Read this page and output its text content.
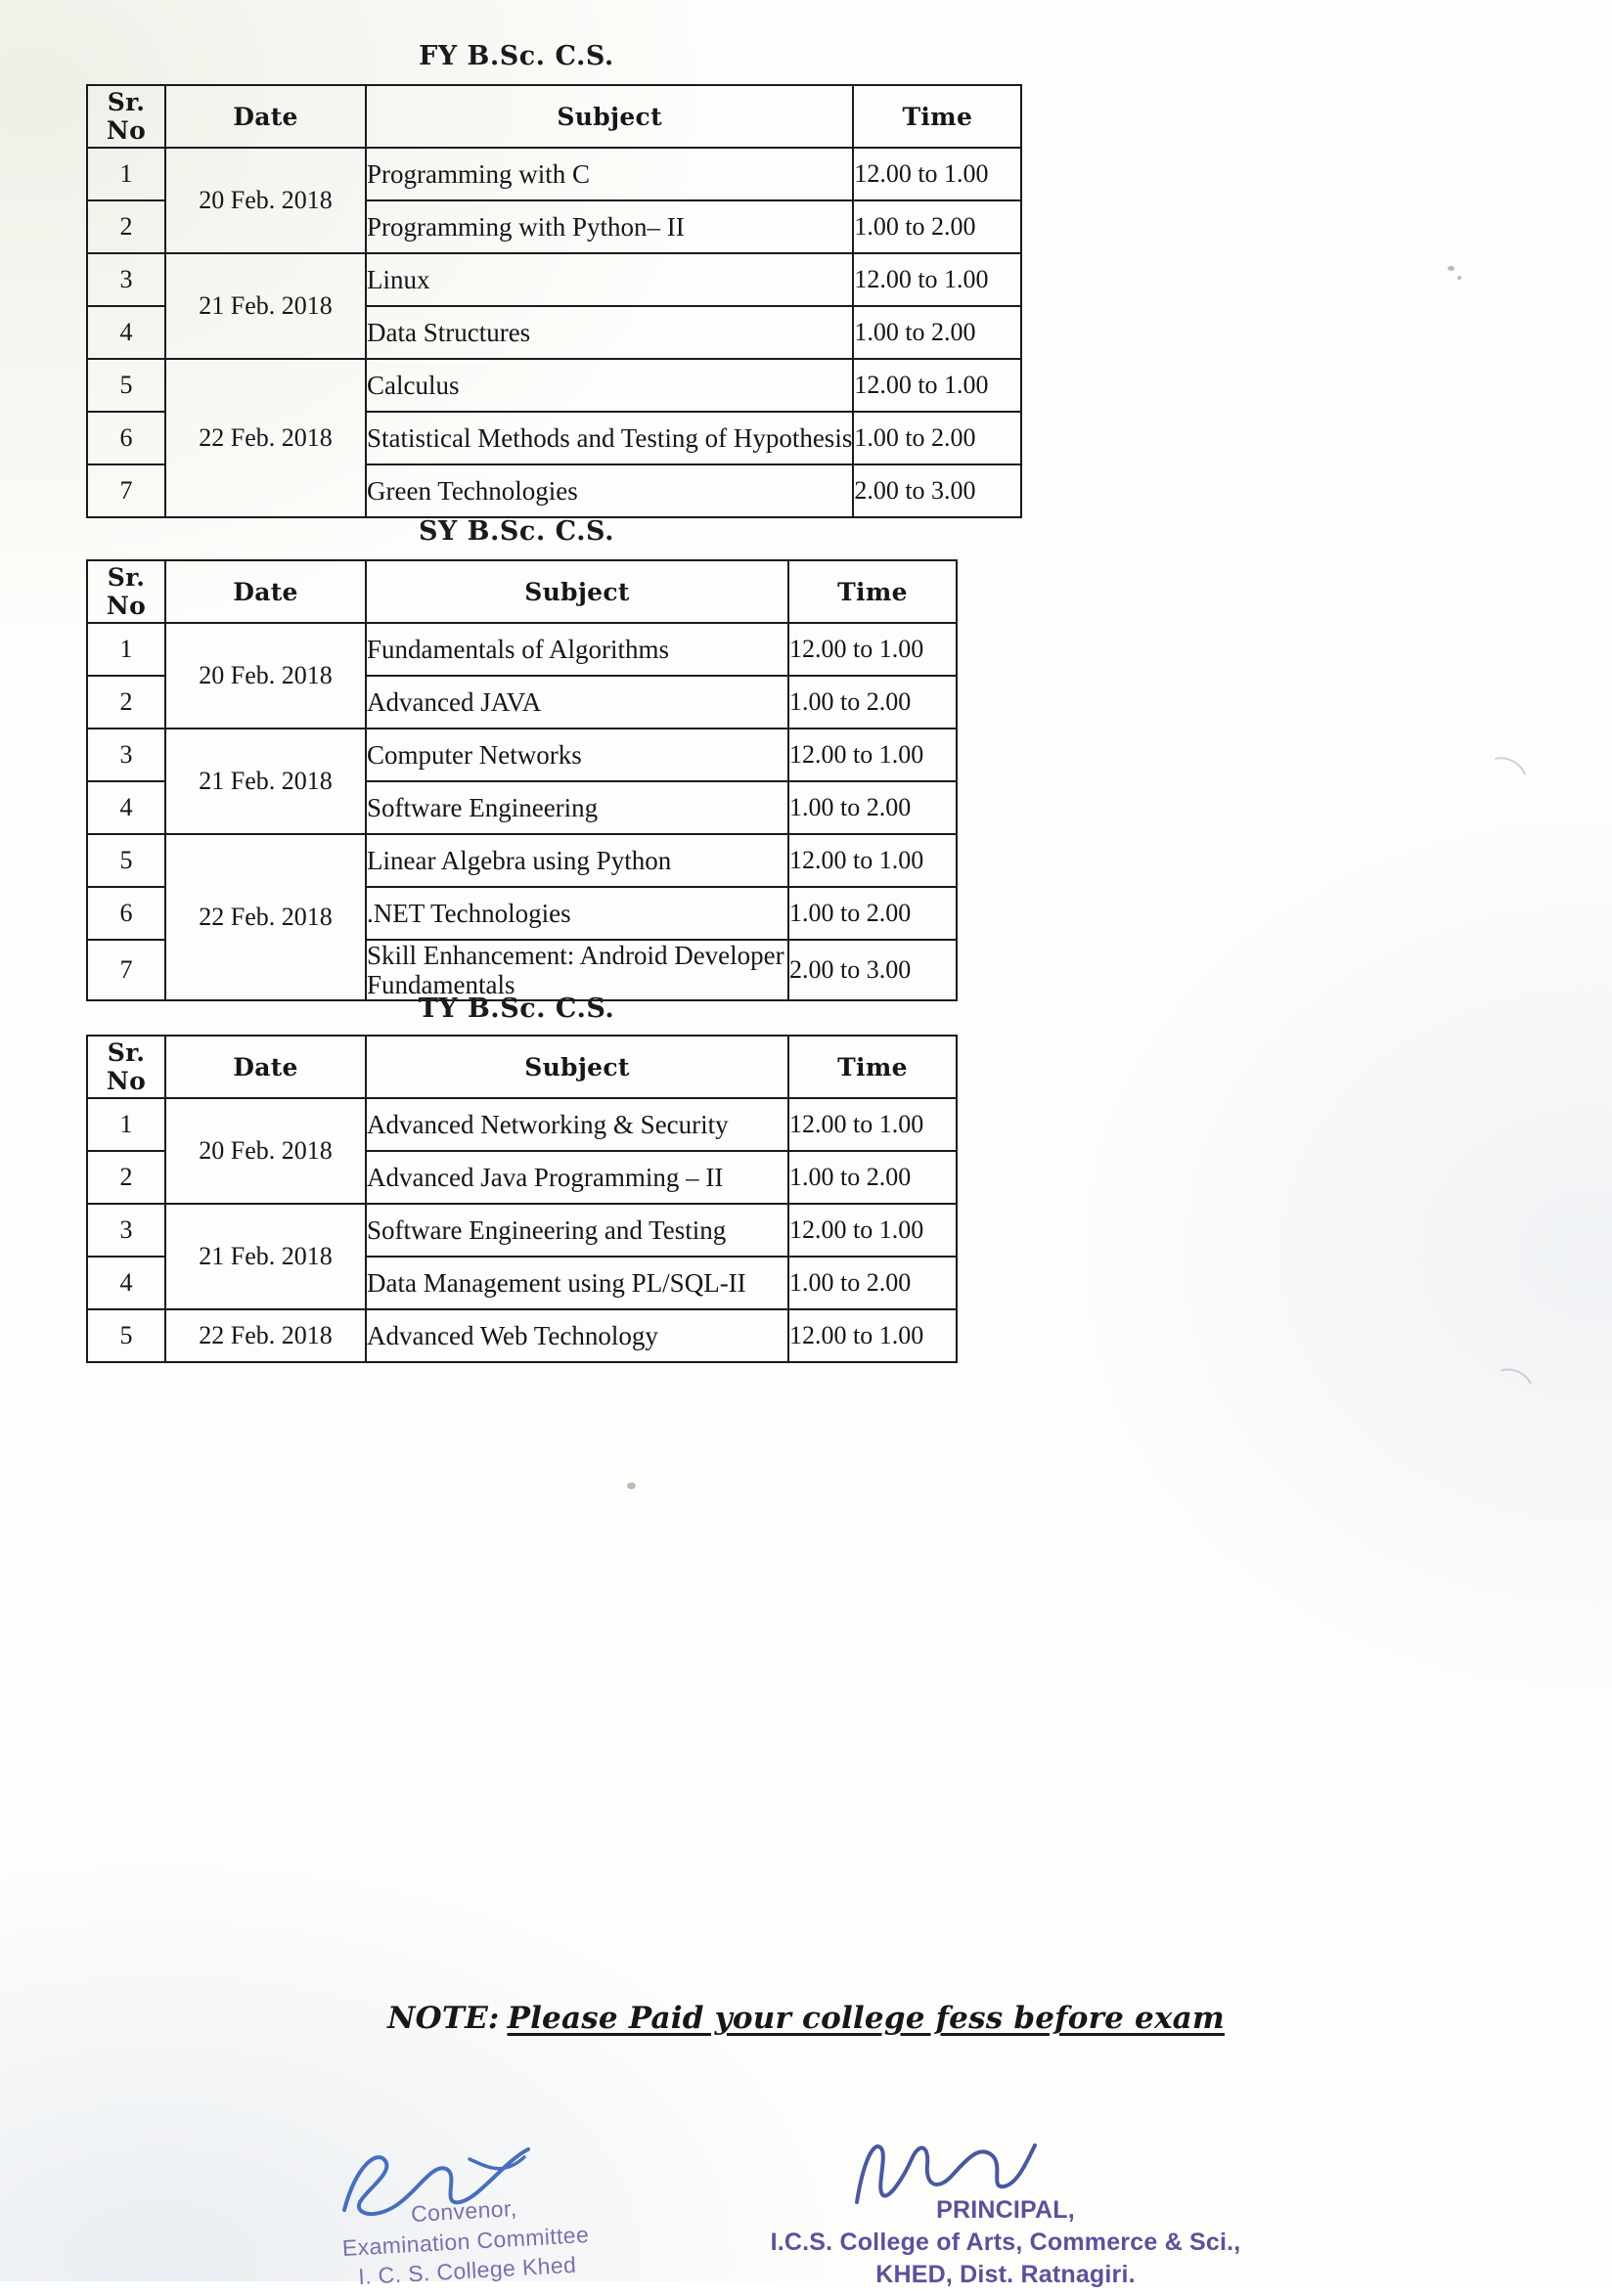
FY B.Sc. C.S.
Sr. No	Date	Subject	Time
1	20 Feb. 2018	Programming with C	12.00 to 1.00
2		Programming with Python– II	1.00 to 2.00
3	21 Feb. 2018	Linux	12.00 to 1.00
4		Data Structures	1.00 to 2.00
5	22 Feb. 2018	Calculus	12.00 to 1.00
6		Statistical Methods and Testing of Hypothesis	1.00 to 2.00
7		Green Technologies	2.00 to 3.00
SY B.Sc. C.S.
Sr. No	Date	Subject	Time
1	20 Feb. 2018	Fundamentals of Algorithms	12.00 to 1.00
2		Advanced JAVA	1.00 to 2.00
3	21 Feb. 2018	Computer Networks	12.00 to 1.00
4		Software Engineering	1.00 to 2.00
5	22 Feb. 2018	Linear Algebra using Python	12.00 to 1.00
6		.NET Technologies	1.00 to 2.00
7		Skill Enhancement: Android Developer Fundamentals	2.00 to 3.00
TY B.Sc. C.S.
Sr. No	Date	Subject	Time
1	20 Feb. 2018	Advanced Networking & Security	12.00 to 1.00
2		Advanced Java Programming – II	1.00 to 2.00
3	21 Feb. 2018	Software Engineering and Testing	12.00 to 1.00
4		Data Management using PL/SQL-II	1.00 to 2.00
5	22 Feb. 2018	Advanced Web Technology	12.00 to 1.00
NOTE: Please Paid your college fess before exam
Convenor,
Examination Committee
I. C. S. College Khed
PRINCIPAL,
I.C.S. College of Arts, Commerce & Sci.,
KHED, Dist. Ratnagiri.
